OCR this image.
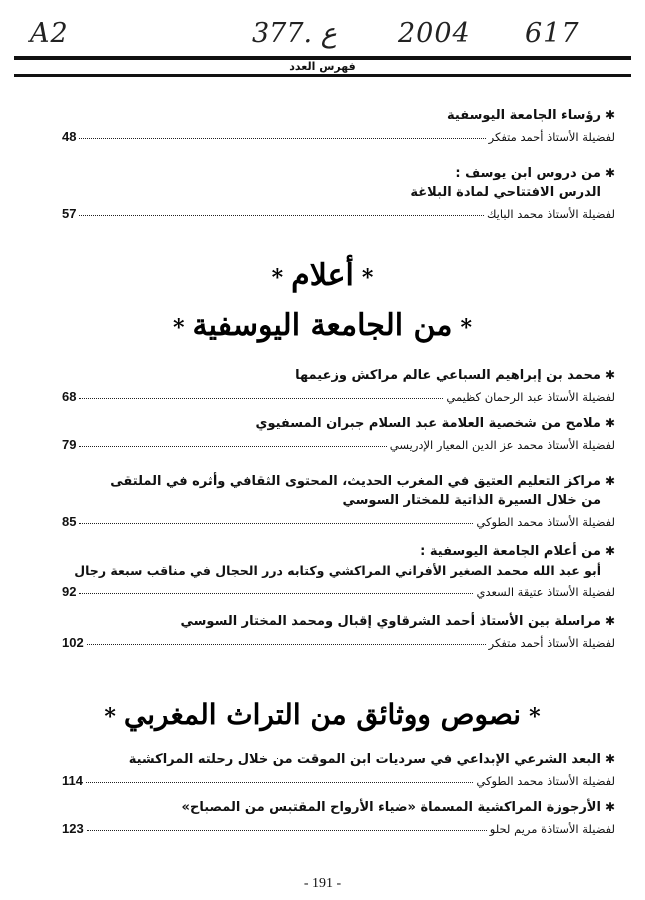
A2	377. ع 2004 617
فهرس العدد
✱رؤساء الجامعة اليوسفية
لفضيلة الأستاذ أحمد متفكر
48
✱من دروس ابن يوسف :
الدرس الافتتاحي لمادة البلاغة
لفضيلة الأستاذ محمد البايك
57
*أعلام*
*من الجامعة اليوسفية*
✱محمد بن إبراهيم السباعي عالم مراكش وزعيمها
لفضيلة الأستاذ عبد الرحمان كظيمي
68
✱ملامح من شخصية العلامة عبد السلام جبران المسفيوي
لفضيلة الأستاذ محمد عز الدين المعيار الإدريسي
79
✱مراكز التعليم العتيق في المغرب الحديث، المحتوى الثقافي وأثره في الملتقى
من خلال السيرة الذاتية للمختار السوسي
لفضيلة الأستاذ محمد الطوكي
85
✱من أعلام الجامعة اليوسفية :
أبو عبد الله محمد الصغير الأفراني المراكشي وكتابه درر الحجال في مناقب سبعة رجال
لفضيلة الأستاذ عتيقة السعدي
92
✱مراسلة بين الأستاذ أحمد الشرقاوي إقبال ومحمد المختار السوسي
لفضيلة الأستاذ أحمد متفكر
102
*نصوص ووثائق من التراث المغربي*
✱البعد الشرعي الإبداعي في سرديات ابن الموقت من خلال رحلته المراكشية
لفضيلة الأستاذ محمد الطوكي
114
✱الأرجوزة المراكشية المسماة «ضياء الأرواح المقتبس من المصباح»
لفضيلة الأستاذة مريم لحلو
123
- 191 -
